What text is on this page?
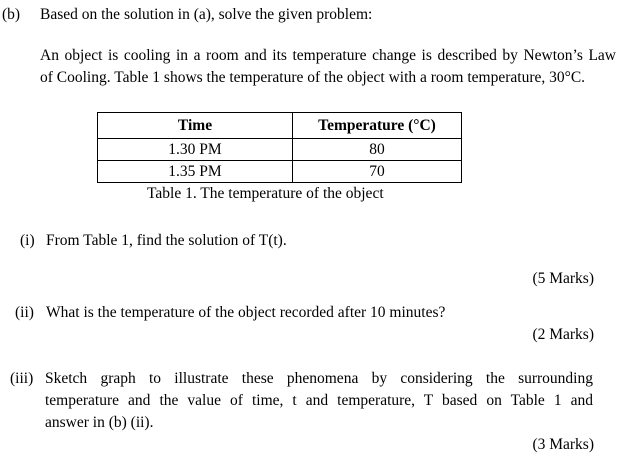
(b) Based on the solution in (a), solve the given problem:
An object is cooling in a room and its temperature change is described by Newton’s Law
of Cooling. Table 1 shows the temperature of the object with a room temperature, 30°C.
Time	Temperature (°C)
1.30 PM	80
1.35 PM	70
Table 1. The temperature of the object
(i) From Table 1, find the solution of T(t).
(5 Marks)
(ii) What is the temperature of the object recorded after 10 minutes?
(2 Marks)
(iii) Sketch graph to illustrate these phenomena by considering the surrounding
temperature and the value of time, t and temperature, T based on Table 1 and
answer in (b) (ii).
(3 Marks)
